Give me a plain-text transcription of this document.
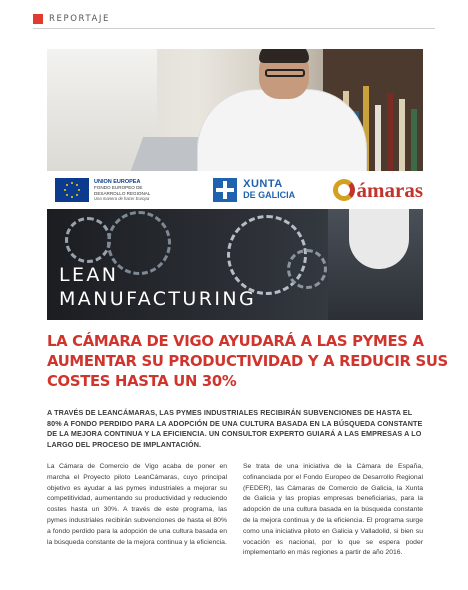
REPORTAJE
UNION EUROPEA
FONDO EUROPEO DE
DESARROLLO REGIONAL
Una manera de hacer Europa
XUNTA
DE GALICIA	ámaras
LEAN
MANUFACTURING
LA CÁMARA DE VIGO AYUDARÁ A LAS PYMES A
AUMENTAR SU PRODUCTIVIDAD Y A REDUCIR SUS
COSTES HASTA UN 30%

A TRAVÉS DE LEANCÁMARAS, LAS PYMES INDUSTRIALES RECIBIRÁN SUBVENCIONES DE HASTA EL 80% A FONDO PERDIDO PARA LA ADOPCIÓN DE UNA CULTURA BASADA EN LA BÚSQUEDA CONSTANTE DE LA MEJORA CONTINUA Y LA EFICIENCIA. UN CONSULTOR EXPERTO GUIARÁ A LAS EMPRESAS A LO LARGO DEL PROCESO DE IMPLANTACIÓN.

La Cámara de Comercio de Vigo acaba de poner en marcha el Proyecto piloto LeanCámaras, cuyo principal objetivo es ayudar a las pymes industriales a mejorar su competitividad, aumentando su productividad y reduciendo costes hasta un 30%. A través de este programa, las pymes industriales recibirán subvenciones de hasta el 80% a fondo perdido para la adopción de una cultura basada en la búsqueda constante de la mejora continua y la eficiencia.

Se trata de una iniciativa de la Cámara de España, cofinanciada por el Fondo Europeo de Desarrollo Regional (FEDER), las Cámaras de Comercio de Galicia, la Xunta de Galicia y las propias empresas beneficiarias, para la adopción de una cultura basada en la búsqueda constante de la mejora continua y de la eficiencia. El programa surge como una iniciativa piloto en Galicia y Valladolid, si bien su vocación es nacional, por lo que se espera poder implementarlo en más regiones a partir de año 2016.
